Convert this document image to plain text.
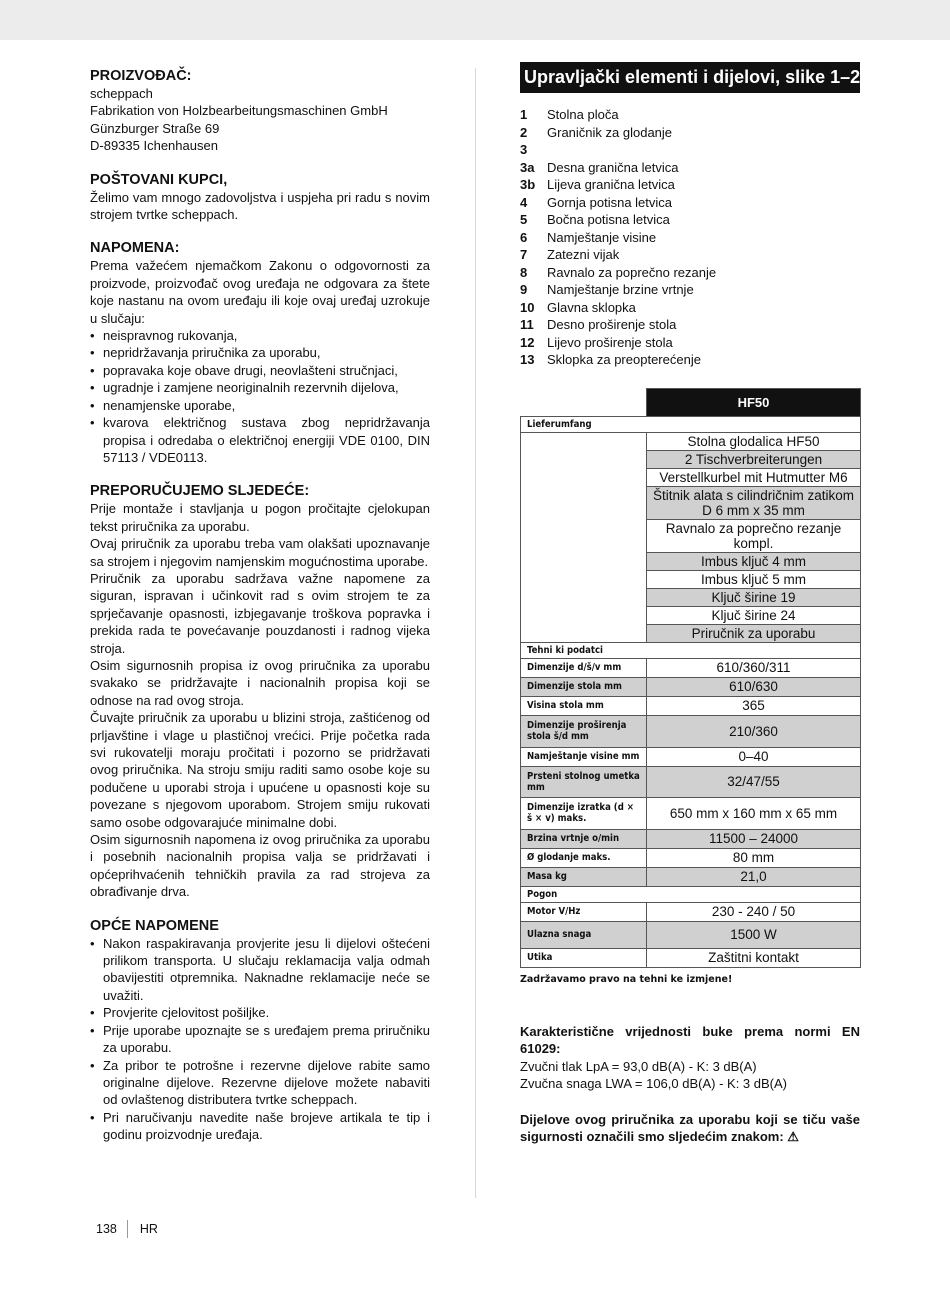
PROIZVOĐAČ:

scheppach

Fabrikation von Holzbearbeitungsmaschinen GmbH

Günzburger Straße 69

D-89335 Ichenhausen

POŠTOVANI KUPCI,

Želimo vam mnogo zadovoljstva i uspjeha pri radu s novim strojem tvrtke scheppach.

NAPOMENA:

Prema važećem njemačkom Zakonu o odgovornosti za proizvode, proizvođač ovog uređaja ne odgovara za štete koje nastanu na ovom uređaju ili koje ovaj uređaj uzrokuje u slučaju:

• neispravnog rukovanja,
• nepridržavanja priručnika za uporabu,
• popravaka koje obave drugi, neovlašteni stručnjaci,
• ugradnje i zamjene neoriginalnih rezervnih dijelova,
• nenamjenske uporabe,
• kvarova električnog sustava zbog nepridržavanja propisa i odredaba o električnoj energiji VDE 0100, DIN 57113 / VDE0113.
PREPORUČUJEMO SLJEDEĆE:

Prije montaže i stavljanja u pogon pročitajte cjelokupan tekst priručnika za uporabu.

Ovaj priručnik za uporabu treba vam olakšati upoznavanje sa strojem i njegovim namjenskim mogućnostima uporabe.

Priručnik za uporabu sadržava važne napomene za siguran, ispravan i učinkovit rad s ovim strojem te za sprječavanje opasnosti, izbjegavanje troškova popravka i prekida rada te povećavanje pouzdanosti i radnog vijeka stroja.

Osim sigurnosnih propisa iz ovog priručnika za uporabu svakako se pridržavajte i nacionalnih propisa koji se odnose na rad ovog stroja.

Čuvajte priručnik za uporabu u blizini stroja, zaštićenog od prljavštine i vlage u plastičnoj vrećici. Prije početka rada svi rukovatelji moraju pročitati i pozorno se pridržavati ovog priručnika. Na stroju smiju raditi samo osobe koje su podučene u uporabi stroja i upućene u opasnosti koje su povezane s njegovom uporabom. Strojem smiju rukovati samo osobe odgovarajuće minimalne dobi.

Osim sigurnosnih napomena iz ovog priručnika za uporabu i posebnih nacionalnih propisa valja se pridržavati i općeprihvaćenih tehničkih pravila za rad strojeva za obrađivanje drva.

OPĆE NAPOMENE
• Nakon raspakiravanja provjerite jesu li dijelovi oštećeni prilikom transporta. U slučaju reklamacija valja odmah obavijestiti otpremnika. Naknadne reklamacije neće se uvažiti.
• Provjerite cjelovitost pošiljke.
• Prije uporabe upoznajte se s uređajem prema priručniku za uporabu.
• Za pribor te potrošne i rezervne dijelove rabite samo originalne dijelove. Rezervne dijelove možete nabaviti od ovlaštenog distributera tvrtke scheppach.
• Pri naručivanju navedite naše brojeve artikala te tip i godinu proizvodnje uređaja.
Upravljački elementi i dijelovi, slike 1–2
1	Stolna ploča
2	Graničnik za glodanje
3
3a Desna granična letvica
3b Lijeva granična letvica
4	Gornja potisna letvica
5	Bočna potisna letvica
6	Namještanje visine
7	Zatezni vijak
8	Ravnalo za poprečno rezanje
9	Namještanje brzine vrtnje
10 Glavna sklopka
11	Desno proširenje stola
12 Lijevo proširenje stola
13 Sklopka za preopterećenje
	HF50
Lieferumfang	
	Stolna glodalica HF50
	2 Tischverbreiterungen
	Verstellkurbel mit Hutmutter M6
	Štitnik alata s cilindričnim zatikom D 6 mm x 35 mm
	Ravnalo za poprečno rezanje kompl.
	Imbus ključ 4 mm
	Imbus ključ 5 mm
	Ključ širine 19
	Ključ širine 24
	Priručnik za uporabu
Tehni ki podatci	
Dimenzije d/š/v mm	610/360/311
Dimenzije stola mm	610/630
Visina stola mm	365
Dimenzije proširenja stola š/d mm	210/360
Namještanje visine mm	0–40
Prsteni stolnog umetka mm	32/47/55
Dimenzije izratka (d × š × v) maks.	650 mm x 160 mm x 65 mm
Brzina vrtnje o/min	11500 – 24000
Ø glodanje maks.	80 mm
Masa kg	21,0
Pogon	
Motor V/Hz	230 - 240 / 50
Ulazna snaga	1500 W
Utika	Zaštitni kontakt
Zadržavamo pravo na tehni ke izmjene!

Karakteristične vrijednosti buke prema normi EN 61029:

Zvučni tlak LpA = 93,0 dB(A) - K: 3 dB(A)

Zvučna snaga LWA = 106,0 dB(A) - K: 3 dB(A)

Dijelove ovog priručnika za uporabu koji se tiču vaše sigurnosti označili smo sljedećim znakom: ⚠
138 HR
